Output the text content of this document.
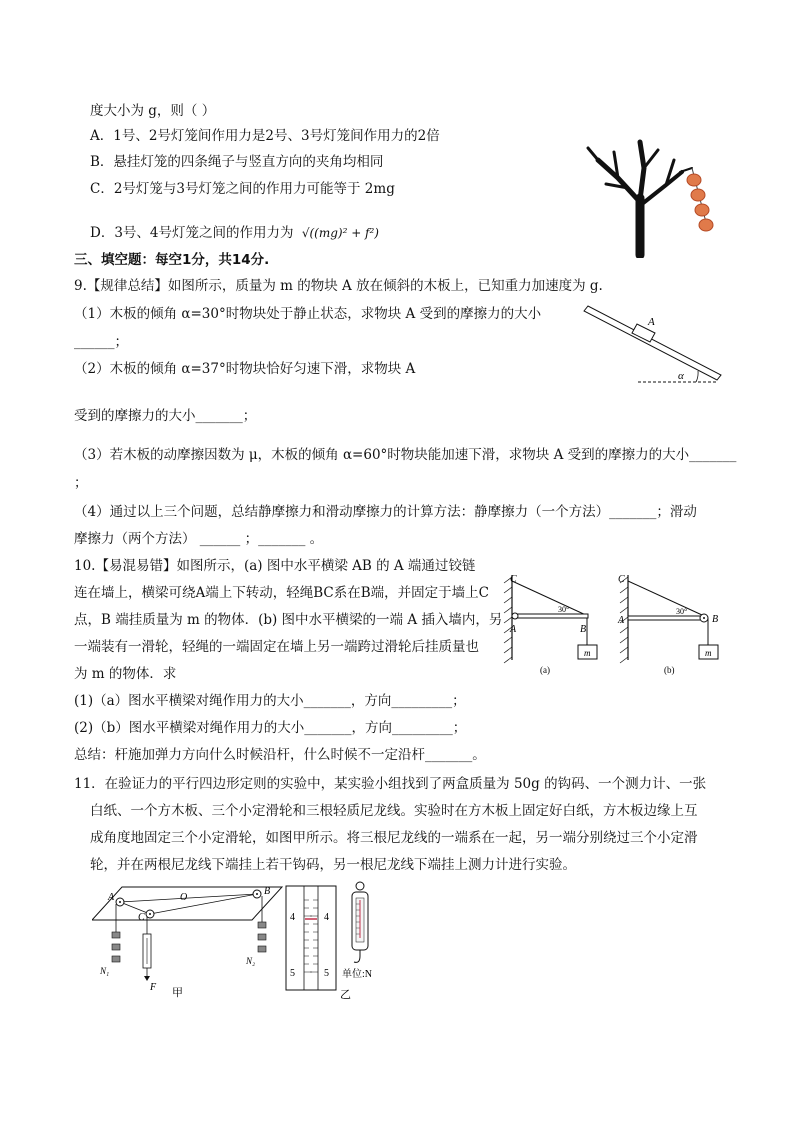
度大小为 g，则（ ）
A．1号、2号灯笼间作用力是2号、3号灯笼间作用力的2倍
B．悬挂灯笼的四条绳子与竖直方向的夹角均相同
C．2号灯笼与3号灯笼之间的作用力可能等于 2mg
D．3号、4号灯笼之间的作用力为 √((mg)² + f²)
三、填空题：每空1分，共14分.
9.【规律总结】如图所示，质量为 m 的物块 A 放在倾斜的木板上，已知重力加速度为 g.
（1）木板的倾角 α=30°时物块处于静止状态，求物块 A 受到的摩擦力的大小
______；
（2）木板的倾角 α=37°时物块恰好匀速下滑，求物块 A
受到的摩擦力的大小_______；
（3）若木板的动摩擦因数为 μ，木板的倾角 α=60°时物块能加速下滑，求物块 A 受到的摩擦力的大小_______
；
（4）通过以上三个问题，总结静摩擦力和滑动摩擦力的计算方法：静摩擦力（一个方法）_______；滑动
摩擦力（两个方法） ______ ；_______ 。
A
α
10.【易混易错】如图所示，(a) 图中水平横梁 AB 的 A 端通过铰链
连在墙上，横梁可绕A端上下转动，轻绳BC系在B端，并固定于墙上C
点，B 端挂质量为 m 的物体．(b) 图中水平横梁的一端 A 插入墙内，另
一端装有一滑轮，轻绳的一端固定在墙上另一端跨过滑轮后挂质量也
为 m 的物体．求
(1)（a）图水平横梁对绳作用力的大小_______，方向_________；
(2)（b）图水平横梁对绳作用力的大小_______，方向_________；
总结：杆施加弹力方向什么时候沿杆，什么时候不一定沿杆_______。
C
A	B
30°
m
(a)
C
A	B
30°
m
(b)
11．在验证力的平行四边形定则的实验中，某实验小组找到了两盒质量为 50g 的钩码、一个测力计、一张
白纸、一个方木板、三个小定滑轮和三根轻质尼龙线。实验时在方木板上固定好白纸，方木板边缘上互
成角度地固定三个小定滑轮，如图甲所示。将三根尼龙线的一端系在一起，另一端分别绕过三个小定滑
轮，并在两根尼龙线下端挂上若干钩码，另一根尼龙线下端挂上测力计进行实验。
A	O
B
C
N₁
N₂
F 甲
4	4
5	5 单位:N
乙
